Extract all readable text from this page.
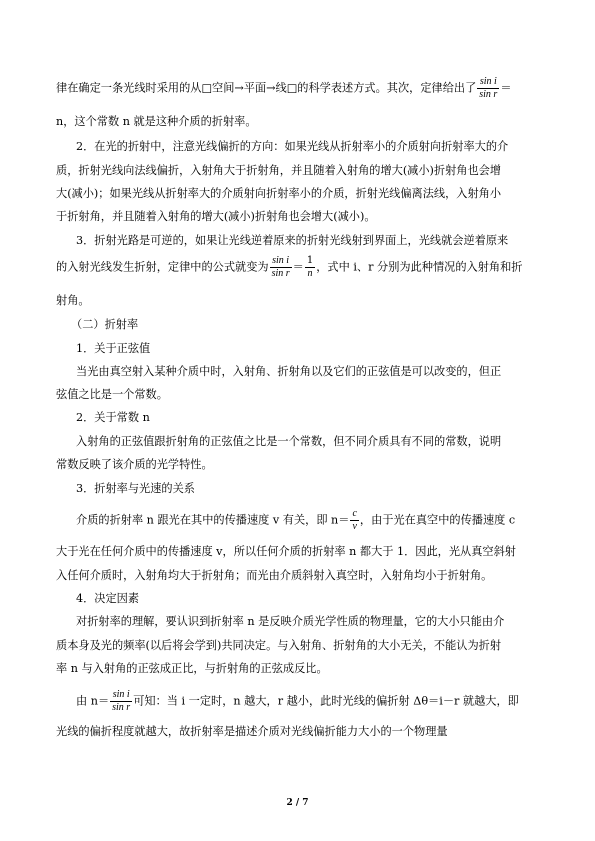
律在确定一条光线时采用的从□空间→平面→线□的科学表述方式。其次，定律给出了 $\frac{\text{sin i}}{\text{sin r}}$ ＝
n，这个常数 n 就是这种介质的折射率。
2．在光的折射中，注意光线偏折的方向：如果光线从折射率小的介质射向折射率大的介
质，折射光线向法线偏折，入射角大于折射角，并且随着入射角的增大(减小)折射角也会增
大(减小)；如果光线从折射率大的介质射向折射率小的介质，折射光线偏离法线，入射角小
于折射角，并且随着入射角的增大(减小)折射角也会增大(减小)。
3．折射光路是可逆的，如果让光线逆着原来的折射光线射到界面上，光线就会逆着原来
的入射光线发生折射，定律中的公式就变为 $\frac{\text{sin i}}{\text{sin r}} = \frac{1}{n}$ ，式中 i、r 分别为此种情况的入射角和折
射角。
（二）折射率
1．关于正弦值
当光由真空射入某种介质中时，入射角、折射角以及它们的正弦值是可以改变的，但正
弦值之比是一个常数。
2．关于常数 n
入射角的正弦值跟折射角的正弦值之比是一个常数，但不同介质具有不同的常数，说明
常数反映了该介质的光学特性。
3．折射率与光速的关系
介质的折射率 n 跟光在其中的传播速度 v 有关，即 $n= \frac{c}{v}$ ，由于光在真空中的传播速度 c
大于光在任何介质中的传播速度 v，所以任何介质的折射率 n 都大于 1．因此，光从真空斜射
入任何介质时，入射角均大于折射角；而光由介质斜射入真空时，入射角均小于折射角。
4．决定因素
对折射率的理解，要认识到折射率 n 是反映介质光学性质的物理量，它的大小只能由介
质本身及光的频率(以后将会学到)共同决定。与入射角、折射角的大小无关，不能认为折射
率 n 与入射角的正弦成正比，与折射角的正弦成反比。
由 $n= \frac{\text{sin i}}{\text{sin r}}$ 可知：当 i 一定时，n 越大，r 越小，此时光线的偏折射 Δθ＝i－r 就越大，即
光线的偏折程度就越大，故折射率是描述介质对光线偏折能力大小的一个物理量
2 / 7
